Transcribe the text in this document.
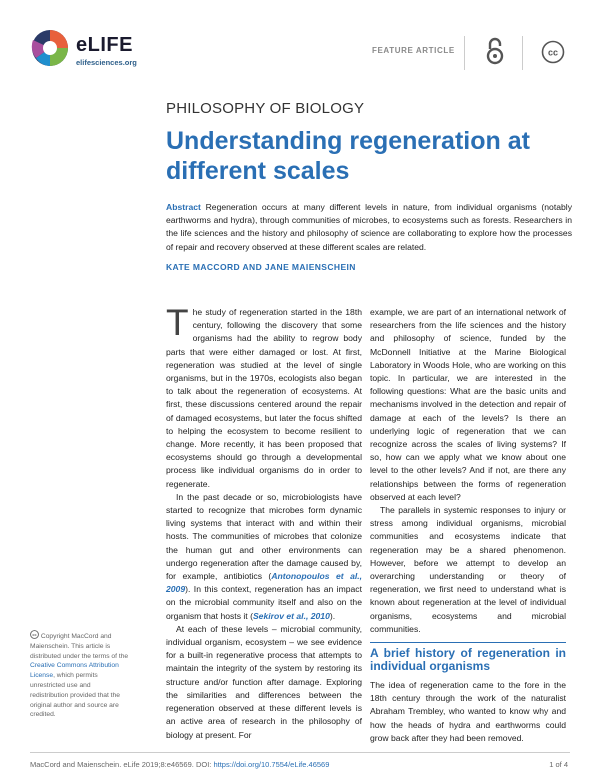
eLIFE
elifesciences.org
FEATURE ARTICLE	cc
PHILOSOPHY OF BIOLOGY
Understanding regeneration at different scales
Abstract Regeneration occurs at many different levels in nature, from individual organisms (notably earthworms and hydra), through communities of microbes, to ecosystems such as forests. Researchers in the life sciences and the history and philosophy of science are collaborating to explore how the processes of repair and recovery observed at these different scales are related.
KATE MACCORD AND JANE MAIENSCHEIN

The study of regeneration started in the 18th century, following the discovery that some organisms had the ability to regrow body parts that were either damaged or lost. At first, regeneration was studied at the level of single organisms, but in the 1970s, ecologists also began to talk about the regeneration of ecosystems. At first, these discussions centered around the repair of damaged ecosystems, but later the focus shifted to helping the ecosystem to become resilient to change. More recently, it has been proposed that ecosystems should go through a developmental process like individual organisms do in order to regenerate.

In the past decade or so, microbiologists have started to recognize that microbes form dynamic living systems that interact with and within their hosts. The communities of microbes that colonize the human gut and other environments can undergo regeneration after the damage caused by, for example, antibiotics (Antonopoulos et al., 2009). In this context, regeneration has an impact on the microbial community itself and also on the organism that hosts it (Sekirov et al., 2010).

At each of these levels – microbial community, individual organism, ecosystem – we see evidence for a built-in regenerative process that attempts to maintain the integrity of the system by restoring its structure and/or function after damage. Exploring the similarities and differences between the regeneration observed at these different levels is an active area of research in the philosophy of biology at present. For

example, we are part of an international network of researchers from the life sciences and the history and philosophy of science, funded by the McDonnell Initiative at the Marine Biological Laboratory in Woods Hole, who are working on this topic. In particular, we are interested in the following questions: What are the basic units and mechanisms involved in the detection and repair of damage at each of the levels? Is there an underlying logic of regeneration that we can recognize across the scales of living systems? If so, how can we apply what we know about one level to the other levels? And if not, are there any relationships between the forms of regeneration observed at each level?

The parallels in systemic responses to injury or stress among individual organisms, microbial communities and ecosystems indicate that regeneration may be a shared phenomenon. However, before we attempt to develop an overarching understanding or theory of regeneration, we first need to understand what is known about regeneration at the level of individual organisms, ecosystems and microbial communities.

A brief history of regeneration in individual organisms

The idea of regeneration came to the fore in the 18th century through the work of the naturalist Abraham Trembley, who wanted to know why and how the heads of hydra and earthworms could grow back after they had been removed.

cc Copyright MacCord and Maienschein. This article is distributed under the terms of the Creative Commons Attribution License, which permits unrestricted use and redistribution provided that the original author and source are credited.
MacCord and Maienschein. eLife 2019;8:e46569. DOI: https://doi.org/10.7554/eLife.46569	1 of 4
